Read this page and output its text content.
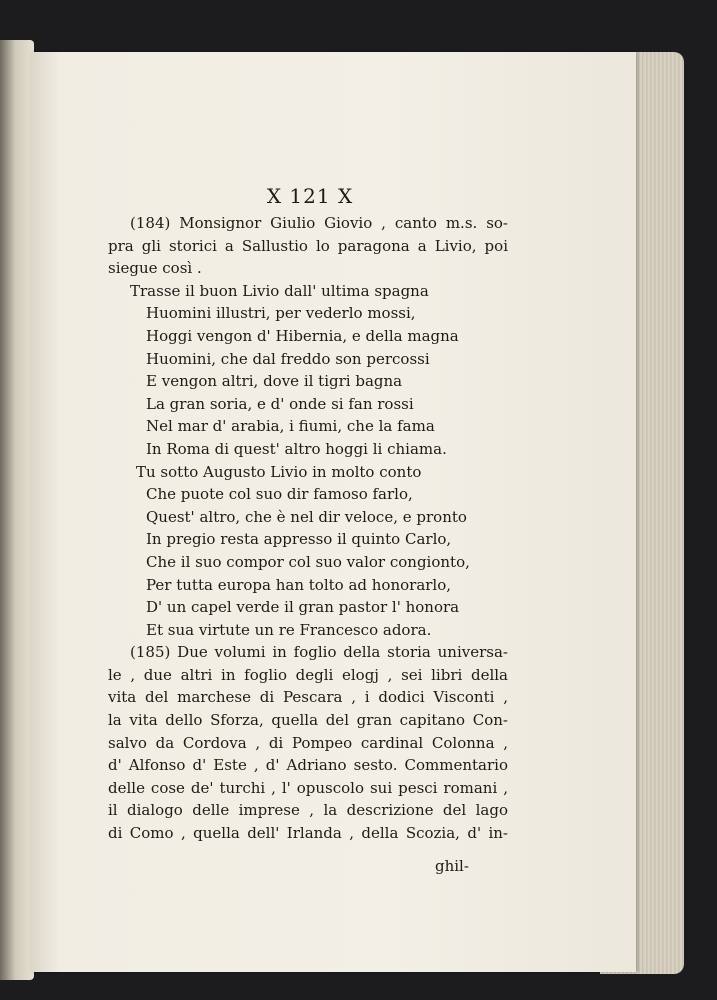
X 121 X
(184) Monsignor Giulio Giovio , canto m.s. so-
pra gli storici a Sallustio lo paragona a Livio, poi
siegue così .
Trasse il buon Livio dall' ultima spagna
Huomini illustri, per vederlo mossi,
Hoggi vengon d' Hibernia, e della magna
Huomini, che dal freddo son percossi
E vengon altri, dove il tigri bagna
La gran soria, e d' onde si fan rossi
Nel mar d' arabia, i fiumi, che la fama
In Roma di quest' altro hoggi li chiama.
Tu sotto Augusto Livio in molto conto
Che puote col suo dir famoso farlo,
Quest' altro, che è nel dir veloce, e pronto
In pregio resta appresso il quinto Carlo,
Che il suo compor col suo valor congionto,
Per tutta europa han tolto ad honorarlo,
D' un capel verde il gran pastor l' honora
Et sua virtute un re Francesco adora.
(185) Due volumi in foglio della storia universa-
le , due altri in foglio degli elogj , sei libri della
vita del marchese di Pescara , i dodici Visconti ,
la vita dello Sforza, quella del gran capitano Con-
salvo da Cordova , di Pompeo cardinal Colonna ,
d' Alfonso d' Este , d' Adriano sesto. Commentario
delle cose de' turchi , l' opuscolo sui pesci romani ,
il dialogo delle imprese , la descrizione del lago
di Como , quella dell' Irlanda , della Scozia, d' in-
ghil-
